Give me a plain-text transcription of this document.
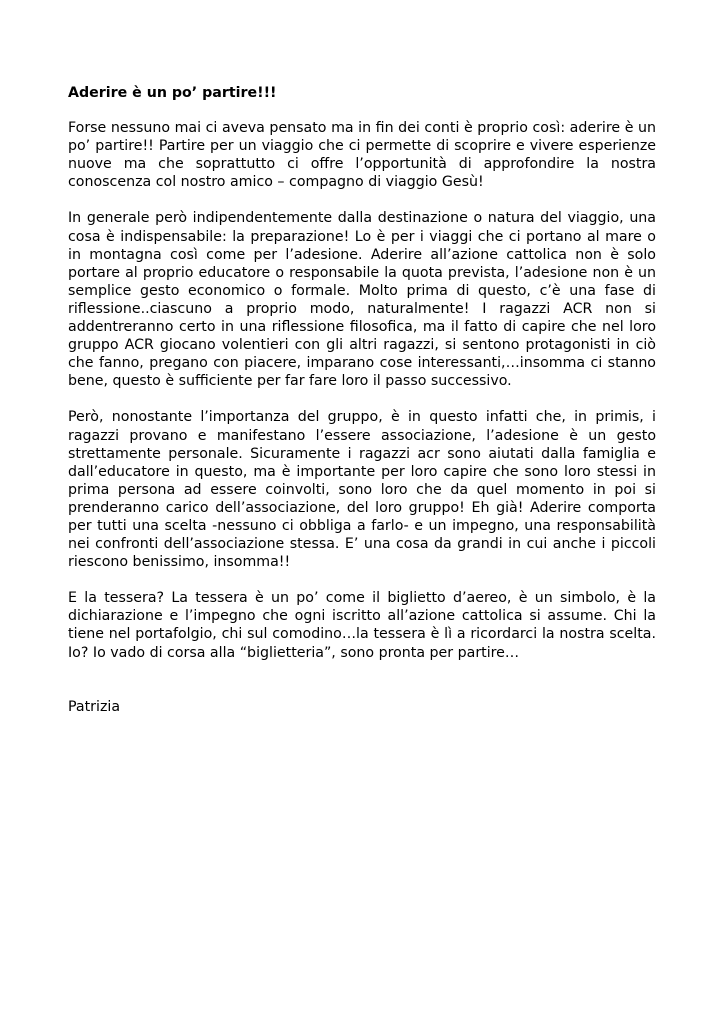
Aderire è un po’ partire!!!

Forse nessuno mai ci aveva pensato ma in fin dei conti è proprio così: aderire è un po’ partire!! Partire per un viaggio che ci permette di scoprire e vivere esperienze nuove ma che soprattutto ci offre l’opportunità di approfondire la nostra conoscenza col nostro amico – compagno di viaggio Gesù!

In generale però indipendentemente dalla destinazione o natura del viaggio, una cosa è indispensabile: la preparazione! Lo è per i viaggi che ci portano al mare o in montagna così come per l’adesione. Aderire all’azione cattolica non è solo portare al proprio educatore o responsabile la quota prevista, l’adesione non è un semplice gesto economico o formale. Molto prima di questo, c’è una fase di riflessione..ciascuno a proprio modo, naturalmente! I ragazzi ACR non si addentreranno certo in una riflessione filosofica, ma il fatto di capire che nel loro gruppo ACR giocano volentieri con gli altri ragazzi, si sentono protagonisti in ciò che fanno, pregano con piacere, imparano cose interessanti,…insomma ci stanno bene, questo è sufficiente per far fare loro il passo successivo.

Però, nonostante l’importanza del gruppo, è in questo infatti che, in primis, i ragazzi provano e manifestano l’essere associazione, l’adesione è un gesto strettamente personale. Sicuramente i ragazzi acr sono aiutati dalla famiglia e dall’educatore in questo, ma è importante per loro capire che sono loro stessi in prima persona ad essere coinvolti, sono loro che da quel momento in poi si prenderanno carico dell’associazione, del loro gruppo! Eh già! Aderire comporta per tutti una scelta -nessuno ci obbliga a farlo- e un impegno, una responsabilità nei confronti dell’associazione stessa. E’ una cosa da grandi in cui anche i piccoli riescono benissimo, insomma!!

E la tessera? La tessera è un po’ come il biglietto d’aereo, è un simbolo, è la dichiarazione e l’impegno che ogni iscritto all’azione cattolica si assume. Chi la tiene nel portafolgio, chi sul comodino…la tessera è lì a ricordarci la nostra scelta. Io? Io vado di corsa alla “biglietteria”, sono pronta per partire…

Patrizia
